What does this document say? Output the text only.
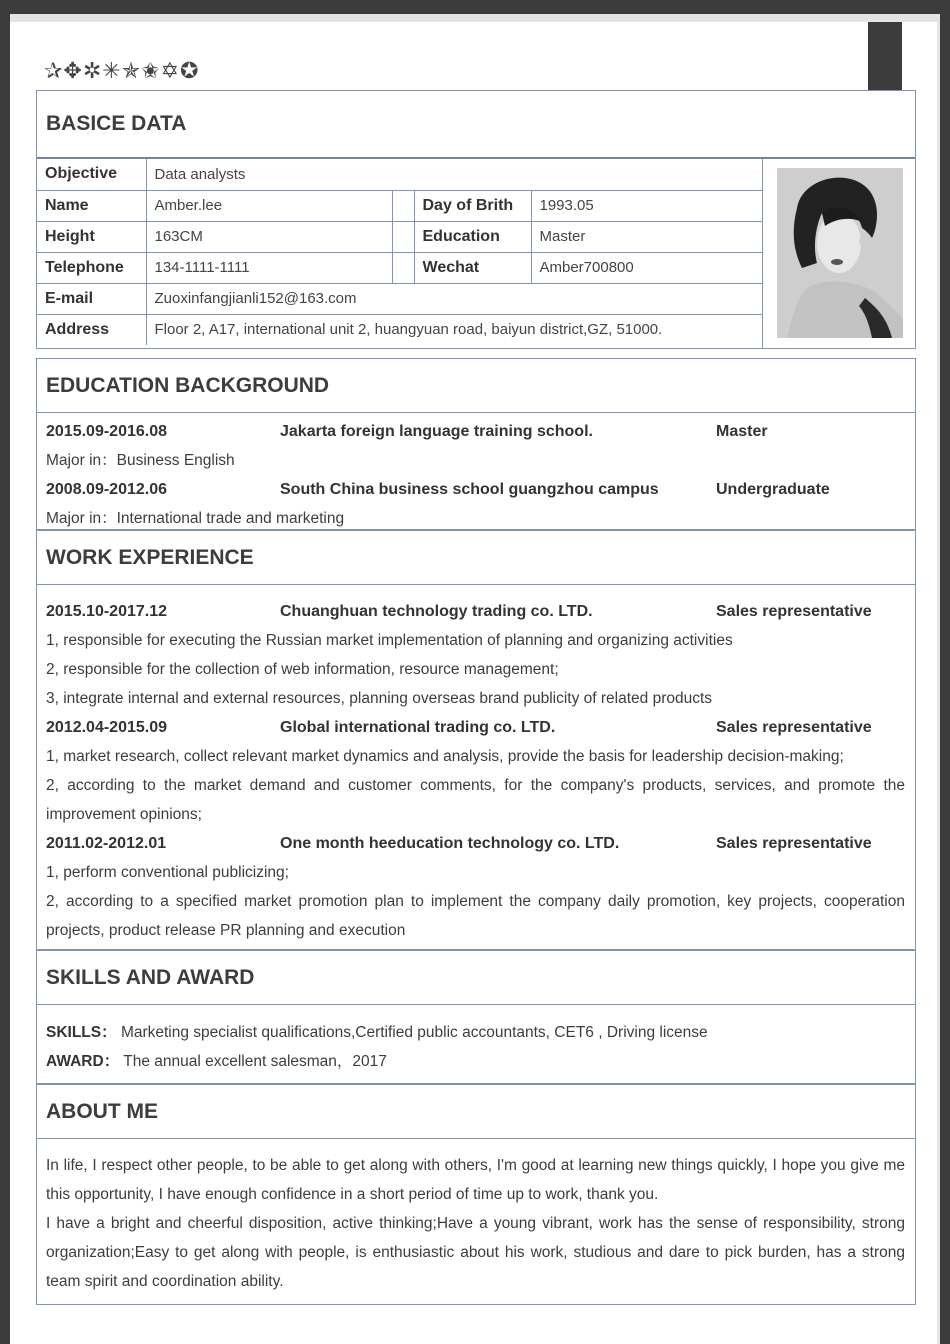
✰✥✲✳✯✬✡✪
BASICE DATA
Objective	Data analysts			
Name	Amber.lee		Day of Brith	1993.05
Height	163CM		Education	Master
Telephone	134-1111-1111		Wechat	Amber700800
E-mail	Zuoxinfangjianli152@163.com			
Address	Floor 2, A17, international unit 2, huangyuan road, baiyun district,GZ, 51000.			
EDUCATION BACKGROUND
2015.09-2016.08	Jakarta foreign language training school.	Master
Major in：Business English
2008.09-2012.06	South China business school guangzhou campus	Undergraduate
Major in：International trade and marketing
WORK EXPERIENCE
2015.10-2017.12	Chuanghuan technology trading co. LTD.	Sales representative
1, responsible for executing the Russian market implementation of planning and organizing activities
2, responsible for the collection of web information, resource management;
3, integrate internal and external resources, planning overseas brand publicity of related products
2012.04-2015.09	Global international trading co. LTD.	Sales representative
1, market research, collect relevant market dynamics and analysis, provide the basis for leadership decision-making;
2, according to the market demand and customer comments, for the company's products, services, and promote the improvement opinions;
2011.02-2012.01	One month heeducation technology co. LTD.	Sales representative
1, perform conventional publicizing;
2, according to a specified market promotion plan to implement the company daily promotion, key projects, cooperation projects, product release PR planning and execution
SKILLS AND AWARD
SKILLS： Marketing specialist qualifications,Certified public accountants, CET6 , Driving license
AWARD： The annual excellent salesman，2017
ABOUT ME
In life, I respect other people, to be able to get along with others, I'm good at learning new things quickly, I hope you give me this opportunity, I have enough confidence in a short period of time up to work, thank you.
I have a bright and cheerful disposition, active thinking;Have a young vibrant, work has the sense of responsibility, strong organization;Easy to get along with people, is enthusiastic about his work, studious and dare to pick burden, has a strong team spirit and coordination ability.
